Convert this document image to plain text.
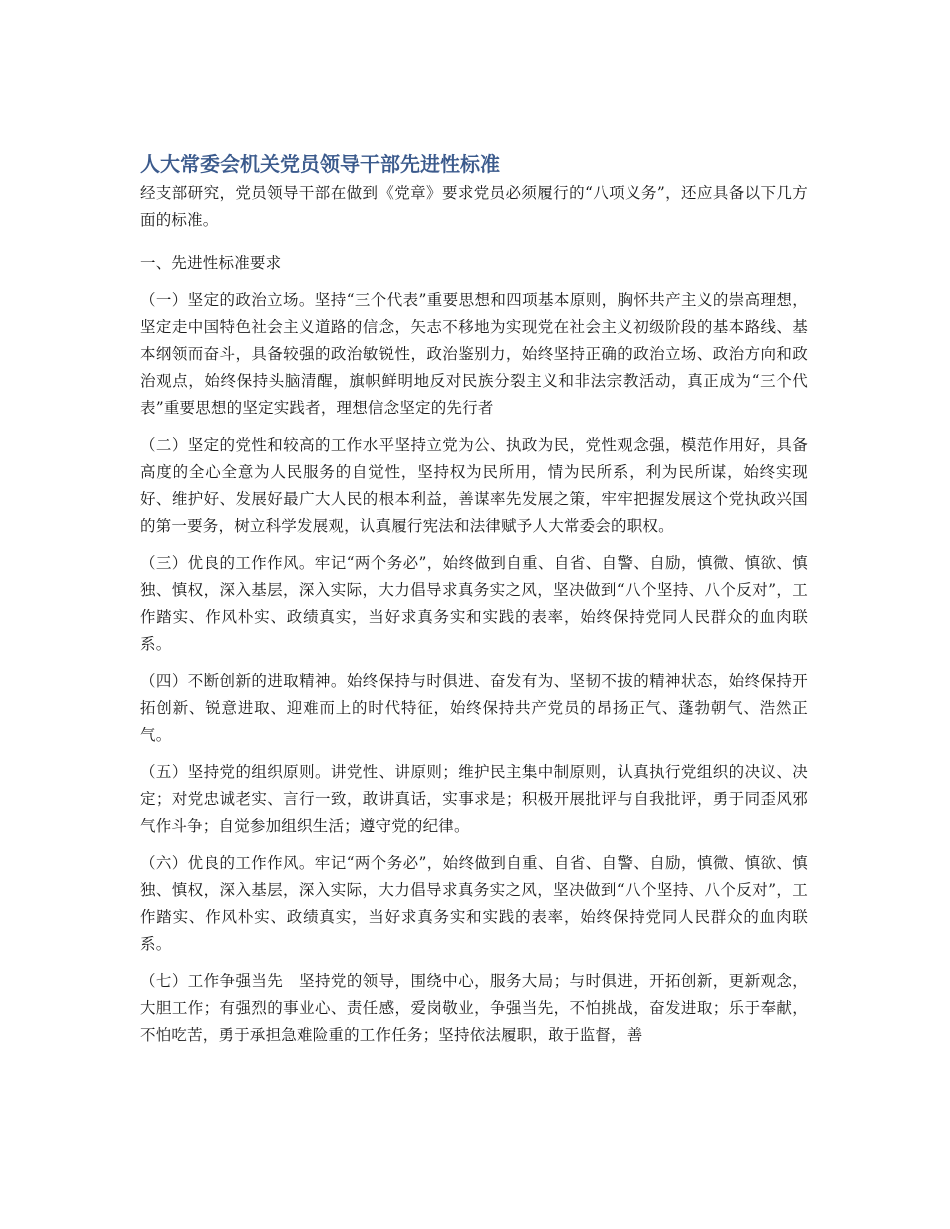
人大常委会机关党员领导干部先进性标准

经支部研究，党员领导干部在做到《党章》要求党员必须履行的“八项义务”，还应具备以下几方面的标准。

一、先进性标准要求

（一）坚定的政治立场。坚持“三个代表”重要思想和四项基本原则，胸怀共产主义的崇高理想，坚定走中国特色社会主义道路的信念，矢志不移地为实现党在社会主义初级阶段的基本路线、基本纲领而奋斗，具备较强的政治敏锐性，政治鉴别力，始终坚持正确的政治立场、政治方向和政治观点，始终保持头脑清醒，旗帜鲜明地反对民族分裂主义和非法宗教活动，真正成为“三个代表”重要思想的坚定实践者，理想信念坚定的先行者

（二）坚定的党性和较高的工作水平坚持立党为公、执政为民，党性观念强，模范作用好，具备高度的全心全意为人民服务的自觉性，坚持权为民所用，情为民所系，利为民所谋，始终实现好、维护好、发展好最广大人民的根本利益，善谋率先发展之策，牢牢把握发展这个党执政兴国的第一要务，树立科学发展观，认真履行宪法和法律赋予人大常委会的职权。

（三）优良的工作作风。牢记“两个务必”，始终做到自重、自省、自警、自励，慎微、慎欲、慎独、慎权，深入基层，深入实际，大力倡导求真务实之风，坚决做到“八个坚持、八个反对”，工作踏实、作风朴实、政绩真实，当好求真务实和实践的表率，始终保持党同人民群众的血肉联系。

（四）不断创新的进取精神。始终保持与时俱进、奋发有为、坚韧不拔的精神状态，始终保持开拓创新、锐意进取、迎难而上的时代特征，始终保持共产党员的昂扬正气、蓬勃朝气、浩然正气。

（五）坚持党的组织原则。讲党性、讲原则；维护民主集中制原则，认真执行党组织的决议、决定；对党忠诚老实、言行一致，敢讲真话，实事求是；积极开展批评与自我批评，勇于同歪风邪气作斗争；自觉参加组织生活；遵守党的纪律。

（六）优良的工作作风。牢记“两个务必”，始终做到自重、自省、自警、自励，慎微、慎欲、慎独、慎权，深入基层，深入实际，大力倡导求真务实之风，坚决做到“八个坚持、八个反对”，工作踏实、作风朴实、政绩真实，当好求真务实和实践的表率，始终保持党同人民群众的血肉联系。

（七）工作争强当先　坚持党的领导，围绕中心，服务大局；与时俱进，开拓创新，更新观念，大胆工作；有强烈的事业心、责任感，爱岗敬业，争强当先，不怕挑战，奋发进取；乐于奉献，不怕吃苦，勇于承担急难险重的工作任务；坚持依法履职，敢于监督，善
